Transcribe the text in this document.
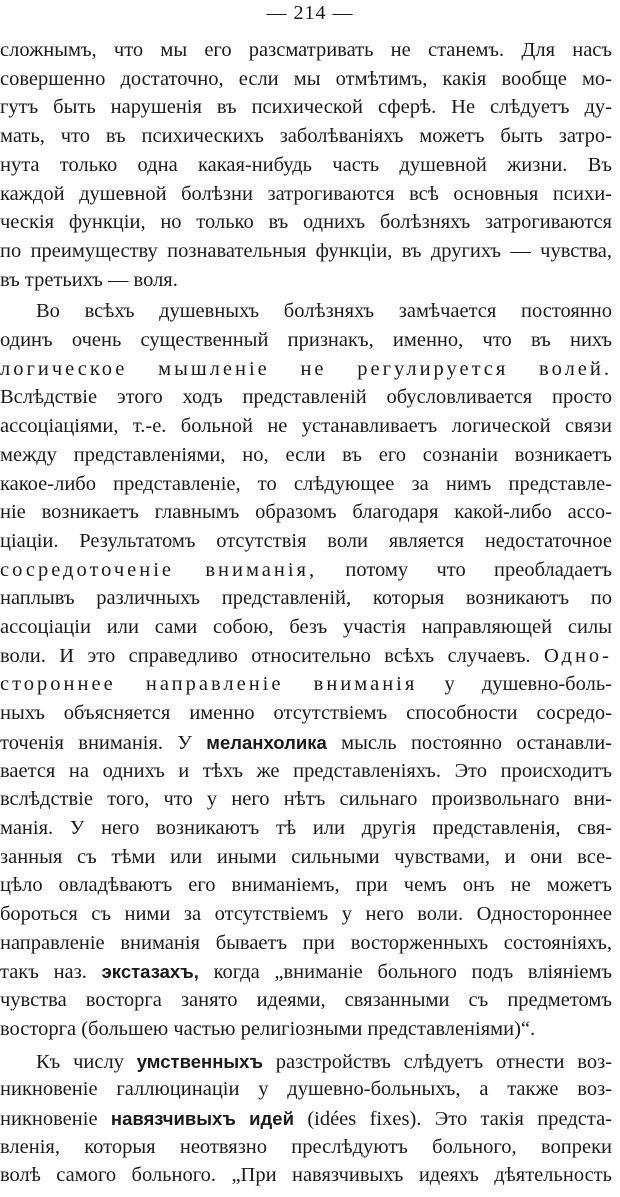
— 214 —
сложнымъ, что мы его разсматривать не станемъ. Для насъ
совершенно достаточно, если мы отмѣтимъ, какія вообще мо-
гутъ быть нарушенія въ психической сферѣ. Не слѣдуетъ ду-
мать, что въ психическихъ заболѣваніяхъ можетъ быть затро-
нута только одна какая-нибудь часть душевной жизни. Въ
каждой душевной болѣзни затрогиваются всѣ основныя психи-
ческія функціи, но только въ однихъ болѣзняхъ затрогиваются
по преимуществу познавательныя функціи, въ другихъ — чувства,
въ третьихъ — воля.
Во всѣхъ душевныхъ болѣзняхъ замѣчается постоянно
одинъ очень существенный признакъ, именно, что въ нихъ
логическое мышленіе не регулируется волей.
Вслѣдствіе этого ходъ представленій обусловливается просто
ассоціаціями, т.-е. больной не устанавливаетъ логической связи
между представленіями, но, если въ его сознаніи возникаетъ
какое-либо представленіе, то слѣдующее за нимъ представле-
ніе возникаетъ главнымъ образомъ благодаря какой-либо ассо-
ціаціи. Результатомъ отсутствія воли является недостаточное
сосредоточеніе вниманія, потому что преобладаетъ
наплывъ различныхъ представленій, которыя возникаютъ по
ассоціаціи или сами собою, безъ участія направляющей силы
воли. И это справедливо относительно всѣхъ случаевъ. Одно-
стороннее направленіе вниманія у душевно-боль-
ныхъ объясняется именно отсутствіемъ способности сосредо-
точенія вниманія. У меланхолика мысль постоянно останавли-
вается на однихъ и тѣхъ же представленіяхъ. Это происходитъ
вслѣдствіе того, что у него нѣтъ сильнаго произвольнаго вни-
манія. У него возникаютъ тѣ или другія представленія, свя-
занныя съ тѣми или иными сильными чувствами, и они все-
цѣло овладѣваютъ его вниманіемъ, при чемъ онъ не можетъ
бороться съ ними за отсутствіемъ у него воли. Одностороннее
направленіе вниманія бываетъ при восторженныхъ состояніяхъ,
такъ наз. экстазахъ, когда „вниманіе больного подъ вліяніемъ
чувства восторга занято идеями, связанными съ предметомъ
восторга (большею частью религіозными представленіями)“.
Къ числу умственныхъ разстройствъ слѣдуетъ отнести воз-
никновеніе галлюцинаціи у душевно-больныхъ, а также воз-
никновеніе навязчивыхъ идей (idées fixes). Это такія предста-
вленія, которыя неотвязно преслѣдуютъ больного, вопреки
волѣ самого больного. „При навязчивыхъ идеяхъ дѣятельность
